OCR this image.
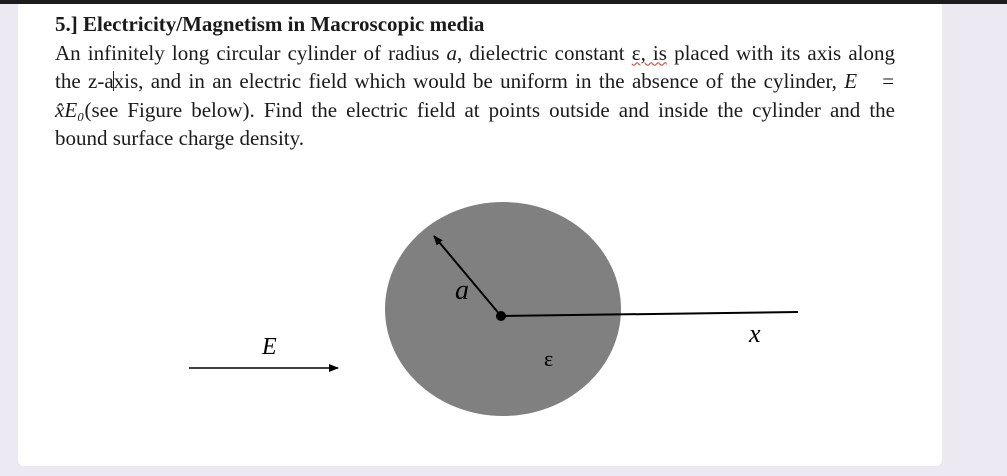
5.] Electricity/Magnetism in Macroscopic media
An infinitely long circular cylinder of radius a, dielectric constant ε, is placed with its axis along the z-axis, and in an electric field which would be uniform in the absence of the cylinder, E⃗ = x̂E₀(see Figure below). Find the electric field at points outside and inside the cylinder and the bound surface charge density.
a
ε
x
E⃗
